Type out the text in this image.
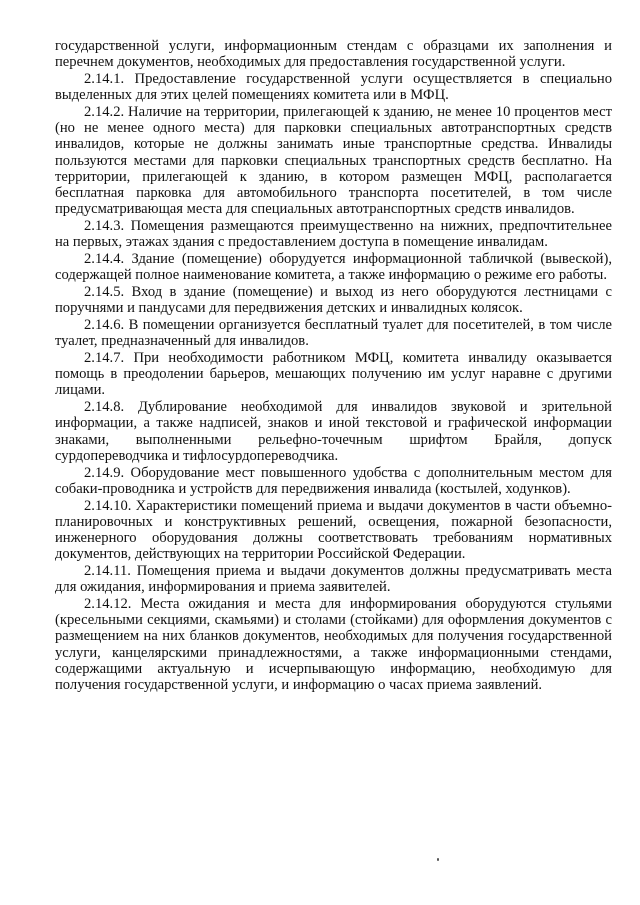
государственной услуги, информационным стендам с образцами их заполнения и перечнем документов, необходимых для предоставления государственной услуги.

2.14.1. Предоставление государственной услуги осуществляется в специально выделенных для этих целей помещениях комитета или в МФЦ.

2.14.2. Наличие на территории, прилегающей к зданию, не менее 10 процентов мест (но не менее одного места) для парковки специальных автотранспортных средств инвалидов, которые не должны занимать иные транспортные средства. Инвалиды пользуются местами для парковки специальных транспортных средств бесплатно. На территории, прилегающей к зданию, в котором размещен МФЦ, располагается бесплатная парковка для автомобильного транспорта посетителей, в том числе предусматривающая места для специальных автотранспортных средств инвалидов.

2.14.3. Помещения размещаются преимущественно на нижних, предпочтительнее на первых, этажах здания с предоставлением доступа в помещение инвалидам.

2.14.4. Здание (помещение) оборудуется информационной табличкой (вывеской), содержащей полное наименование комитета, а также информацию о режиме его работы.

2.14.5. Вход в здание (помещение) и выход из него оборудуются лестницами с поручнями и пандусами для передвижения детских и инвалидных колясок.

2.14.6. В помещении организуется бесплатный туалет для посетителей, в том числе туалет, предназначенный для инвалидов.

2.14.7. При необходимости работником МФЦ, комитета инвалиду оказывается помощь в преодолении барьеров, мешающих получению им услуг наравне с другими лицами.

2.14.8. Дублирование необходимой для инвалидов звуковой и зрительной информации, а также надписей, знаков и иной текстовой и графической информации знаками, выполненными рельефно-точечным шрифтом Брайля, допуск сурдопереводчика и тифлосурдопереводчика.

2.14.9. Оборудование мест повышенного удобства с дополнительным местом для собаки-проводника и устройств для передвижения инвалида (костылей, ходунков).

2.14.10. Характеристики помещений приема и выдачи документов в части объемно-планировочных и конструктивных решений, освещения, пожарной безопасности, инженерного оборудования должны соответствовать требованиям нормативных документов, действующих на территории Российской Федерации.

2.14.11. Помещения приема и выдачи документов должны предусматривать места для ожидания, информирования и приема заявителей.

2.14.12. Места ожидания и места для информирования оборудуются стульями (кресельными секциями, скамьями) и столами (стойками) для оформления документов с размещением на них бланков документов, необходимых для получения государственной услуги, канцелярскими принадлежностями, а также информационными стендами, содержащими актуальную и исчерпывающую информацию, необходимую для получения государственной услуги, и информацию о часах приема заявлений.
